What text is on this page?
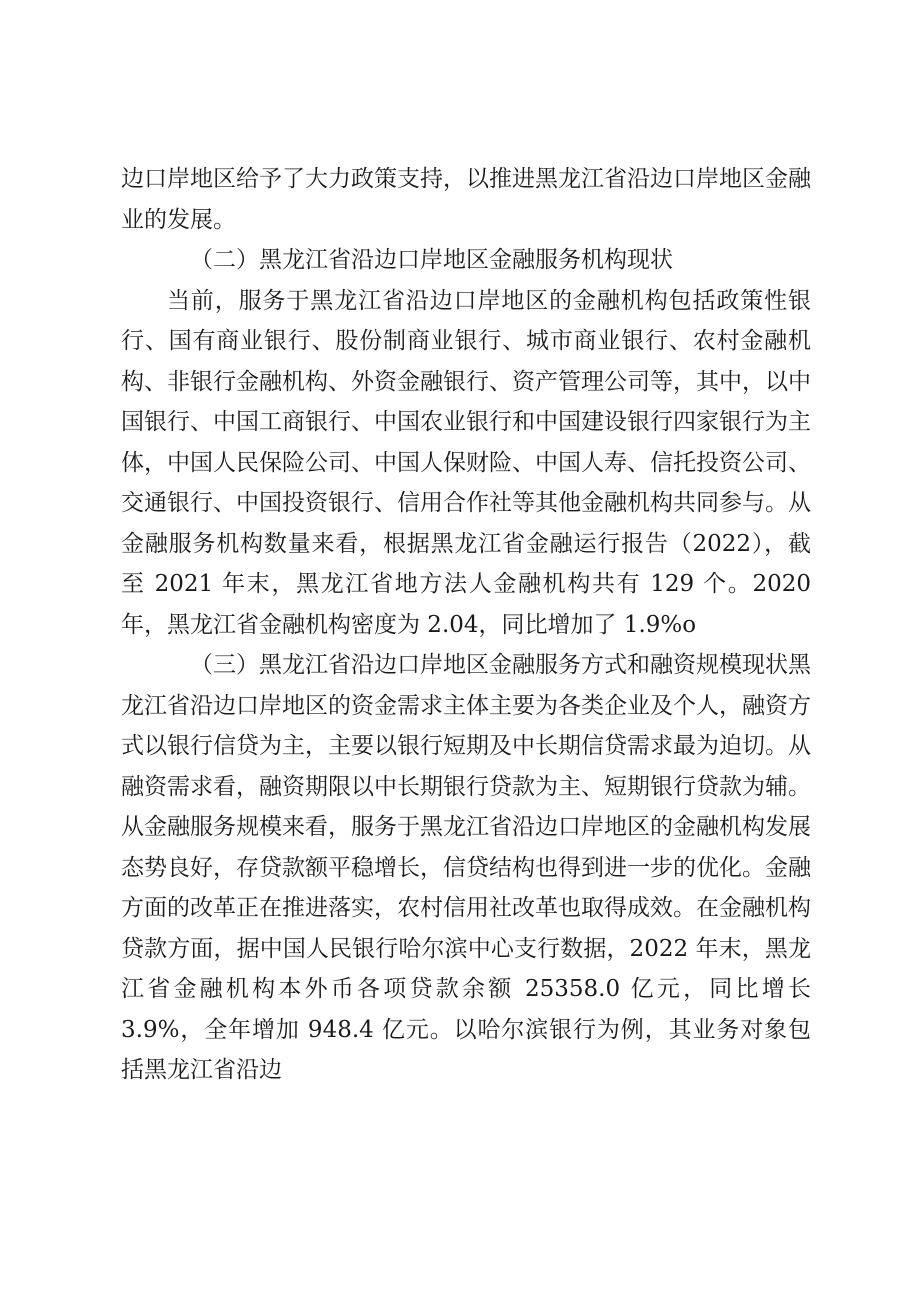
边口岸地区给予了大力政策支持，以推进黑龙江省沿边口岸地区金融业的发展。

（二）黑龙江省沿边口岸地区金融服务机构现状

当前，服务于黑龙江省沿边口岸地区的金融机构包括政策性银行、国有商业银行、股份制商业银行、城市商业银行、农村金融机构、非银行金融机构、外资金融银行、资产管理公司等，其中，以中国银行、中国工商银行、中国农业银行和中国建设银行四家银行为主体，中国人民保险公司、中国人保财险、中国人寿、信托投资公司、交通银行、中国投资银行、信用合作社等其他金融机构共同参与。从金融服务机构数量来看，根据黑龙江省金融运行报告（2022），截至 2021 年末，黑龙江省地方法人金融机构共有 129 个。2020 年，黑龙江省金融机构密度为 2.04，同比增加了 1.9%o

（三）黑龙江省沿边口岸地区金融服务方式和融资规模现状黑龙江省沿边口岸地区的资金需求主体主要为各类企业及个人，融资方式以银行信贷为主，主要以银行短期及中长期信贷需求最为迫切。从融资需求看，融资期限以中长期银行贷款为主、短期银行贷款为辅。从金融服务规模来看，服务于黑龙江省沿边口岸地区的金融机构发展态势良好，存贷款额平稳增长，信贷结构也得到进一步的优化。金融方面的改革正在推进落实，农村信用社改革也取得成效。在金融机构贷款方面，据中国人民银行哈尔滨中心支行数据，2022 年末，黑龙江省金融机构本外币各项贷款余额 25358.0 亿元，同比增长 3.9%，全年增加 948.4 亿元。以哈尔滨银行为例，其业务对象包括黑龙江省沿边
